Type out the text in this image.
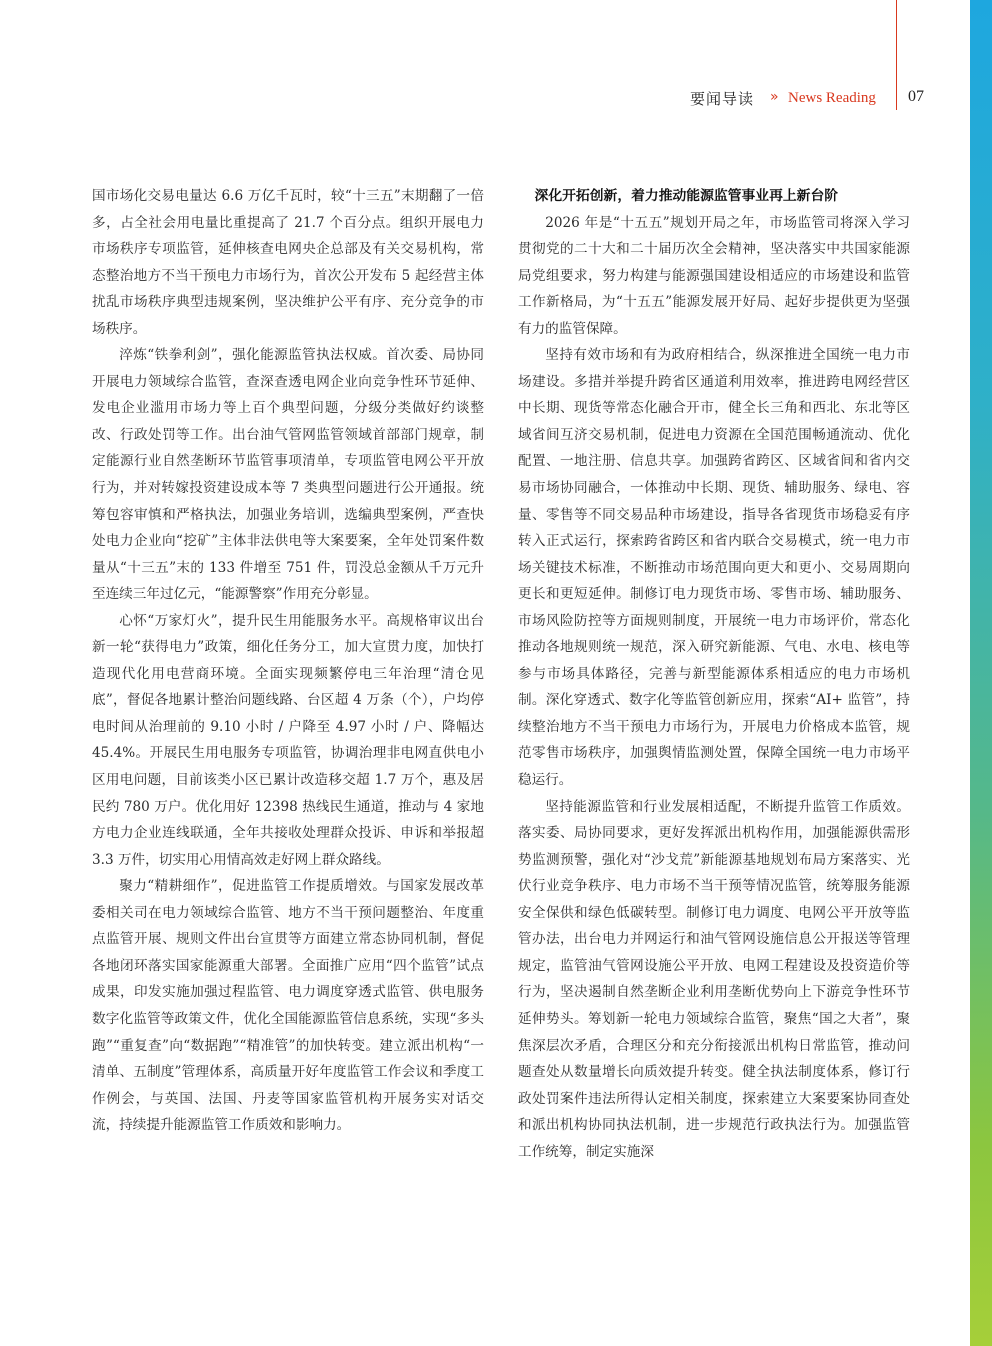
要闻导读 » News Reading 07

国市场化交易电量达 6.6 万亿千瓦时，较“十三五”末期翻了一倍多，占全社会用电量比重提高了 21.7 个百分点。组织开展电力市场秩序专项监管，延伸核查电网央企总部及有关交易机构，常态整治地方不当干预电力市场行为，首次公开发布 5 起经营主体扰乱市场秩序典型违规案例，坚决维护公平有序、充分竞争的市场秩序。

淬炼“铁拳利剑”，强化能源监管执法权威。首次委、局协同开展电力领域综合监管，查深查透电网企业向竞争性环节延伸、发电企业滥用市场力等上百个典型问题，分级分类做好约谈整改、行政处罚等工作。出台油气管网监管领域首部部门规章，制定能源行业自然垄断环节监管事项清单，专项监管电网公平开放行为，并对转嫁投资建设成本等 7 类典型问题进行公开通报。统筹包容审慎和严格执法，加强业务培训，选编典型案例，严查快处电力企业向“挖矿”主体非法供电等大案要案，全年处罚案件数量从“十三五”末的 133 件增至 751 件，罚没总金额从千万元升至连续三年过亿元，“能源警察”作用充分彰显。

心怀“万家灯火”，提升民生用能服务水平。高规格审议出台新一轮“获得电力”政策，细化任务分工，加大宣贯力度，加快打造现代化用电营商环境。全面实现频繁停电三年治理“清仓见底”，督促各地累计整治问题线路、台区超 4 万条（个），户均停电时间从治理前的 9.10 小时 / 户降至 4.97 小时 / 户、降幅达 45.4%。开展民生用电服务专项监管，协调治理非电网直供电小区用电问题，目前该类小区已累计改造移交超 1.7 万个，惠及居民约 780 万户。优化用好 12398 热线民生通道，推动与 4 家地方电力企业连线联通，全年共接收处理群众投诉、申诉和举报超 3.3 万件，切实用心用情高效走好网上群众路线。

聚力“精耕细作”，促进监管工作提质增效。与国家发展改革委相关司在电力领域综合监管、地方不当干预问题整治、年度重点监管开展、规则文件出台宣贯等方面建立常态协同机制，督促各地闭环落实国家能源重大部署。全面推广应用“四个监管”试点成果，印发实施加强过程监管、电力调度穿透式监管、供电服务数字化监管等政策文件，优化全国能源监管信息系统，实现“多头跑”“重复查”向“数据跑”“精准管”的加快转变。建立派出机构“一清单、五制度”管理体系，高质量开好年度监管工作会议和季度工作例会，与英国、法国、丹麦等国家监管机构开展务实对话交流，持续提升能源监管工作质效和影响力。

深化开拓创新，着力推动能源监管事业再上新台阶

2026 年是“十五五”规划开局之年，市场监管司将深入学习贯彻党的二十大和二十届历次全会精神，坚决落实中共国家能源局党组要求，努力构建与能源强国建设相适应的市场建设和监管工作新格局，为“十五五”能源发展开好局、起好步提供更为坚强有力的监管保障。

坚持有效市场和有为政府相结合，纵深推进全国统一电力市场建设。多措并举提升跨省区通道利用效率，推进跨电网经营区中长期、现货等常态化融合开市，健全长三角和西北、东北等区域省间互济交易机制，促进电力资源在全国范围畅通流动、优化配置、一地注册、信息共享。加强跨省跨区、区域省间和省内交易市场协同融合，一体推动中长期、现货、辅助服务、绿电、容量、零售等不同交易品种市场建设，指导各省现货市场稳妥有序转入正式运行，探索跨省跨区和省内联合交易模式，统一电力市场关键技术标准，不断推动市场范围向更大和更小、交易周期向更长和更短延伸。制修订电力现货市场、零售市场、辅助服务、市场风险防控等方面规则制度，开展统一电力市场评价，常态化推动各地规则统一规范，深入研究新能源、气电、水电、核电等参与市场具体路径，完善与新型能源体系相适应的电力市场机制。深化穿透式、数字化等监管创新应用，探索“AI+ 监管”，持续整治地方不当干预电力市场行为，开展电力价格成本监管，规范零售市场秩序，加强舆情监测处置，保障全国统一电力市场平稳运行。

坚持能源监管和行业发展相适配，不断提升监管工作质效。落实委、局协同要求，更好发挥派出机构作用，加强能源供需形势监测预警，强化对“沙戈荒”新能源基地规划布局方案落实、光伏行业竞争秩序、电力市场不当干预等情况监管，统筹服务能源安全保供和绿色低碳转型。制修订电力调度、电网公平开放等监管办法，出台电力并网运行和油气管网设施信息公开报送等管理规定，监管油气管网设施公平开放、电网工程建设及投资造价等行为，坚决遏制自然垄断企业利用垄断优势向上下游竞争性环节延伸势头。筹划新一轮电力领域综合监管，聚焦“国之大者”，聚焦深层次矛盾，合理区分和充分衔接派出机构日常监管，推动问题查处从数量增长向质效提升转变。健全执法制度体系，修订行政处罚案件违法所得认定相关制度，探索建立大案要案协同查处和派出机构协同执法机制，进一步规范行政执法行为。加强监管工作统筹，制定实施深
